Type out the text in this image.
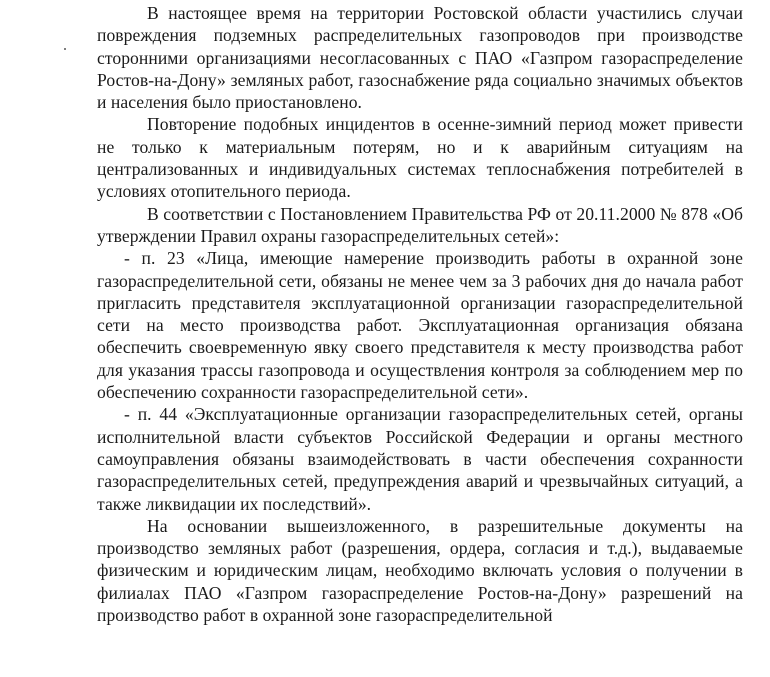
В настоящее время на территории Ростовской области участились случаи повреждения подземных распределительных газопроводов при производстве сторонними организациями несогласованных с ПАО «Газпром газораспределение Ростов-на-Дону» земляных работ, газоснабжение ряда социально значимых объектов и населения было приостановлено.

Повторение подобных инцидентов в осенне-зимний период может привести не только к материальным потерям, но и к аварийным ситуациям на централизованных и индивидуальных системах теплоснабжения потребителей в условиях отопительного периода.

В соответствии с Постановлением Правительства РФ от 20.11.2000 № 878 «Об утверждении Правил охраны газораспределительных сетей»:

- п. 23 «Лица, имеющие намерение производить работы в охранной зоне газораспределительной сети, обязаны не менее чем за 3 рабочих дня до начала работ пригласить представителя эксплуатационной организации газораспределительной сети на место производства работ. Эксплуатационная организация обязана обеспечить своевременную явку своего представителя к месту производства работ для указания трассы газопровода и осуществления контроля за соблюдением мер по обеспечению сохранности газораспределительной сети».

- п. 44 «Эксплуатационные организации газораспределительных сетей, органы исполнительной власти субъектов Российской Федерации и органы местного самоуправления обязаны взаимодействовать в части обеспечения сохранности газораспределительных сетей, предупреждения аварий и чрезвычайных ситуаций, а также ликвидации их последствий».

На основании вышеизложенного, в разрешительные документы на производство земляных работ (разрешения, ордера, согласия и т.д.), выдаваемые физическим и юридическим лицам, необходимо включать условия о получении в филиалах ПАО «Газпром газораспределение Ростов-на-Дону» разрешений на производство работ в охранной зоне газораспределительной
